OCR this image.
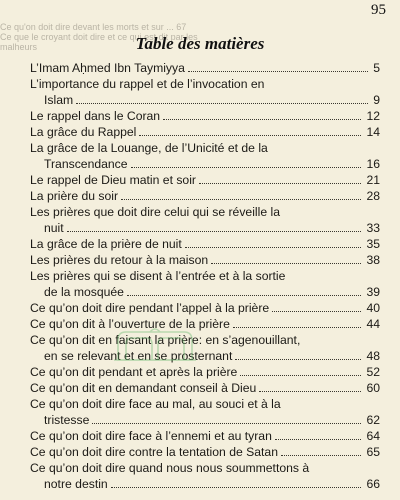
Ce qu'on doit dire devant les morts et sur ... 67
Ce que le croyant doit dire et ce qui est dit par les
malheurs
95
Table des matières
L’Imam Aḥmed Ibn Taymiyya	5
L’importance du rappel et de l’invocation en
Islam	9
Le rappel dans le Coran	12
La grâce du Rappel	14
La grâce de la Louange, de l’Unicité et de la
Transcendance	16
Le rappel de Dieu matin et soir	21
La prière du soir	28
Les prières que doit dire celui qui se réveille la
nuit	33
La grâce de la prière de nuit	35
Les prières du retour à la maison	38
Les prières qui se disent à l’entrée et à la sortie
de la mosquée	39
Ce qu’on doit dire pendant l’appel à la prière	40
Ce qu’on dit à l’ouverture de la prière	44
Ce qu’on dit en faisant la prière: en s’agenouillant,
en se relevant et en se prosternant	48
Ce qu’on dit pendant et après la prière	52
Ce qu’on dit en demandant conseil à Dieu	60
Ce qu’on doit dire face au mal, au souci et à la
tristesse	62
Ce qu’on doit dire face à l’ennemi et au tyran	64
Ce qu’on doit dire contre la tentation de Satan	65
Ce qu’on doit dire quand nous nous soummettons à
notre destin	66
